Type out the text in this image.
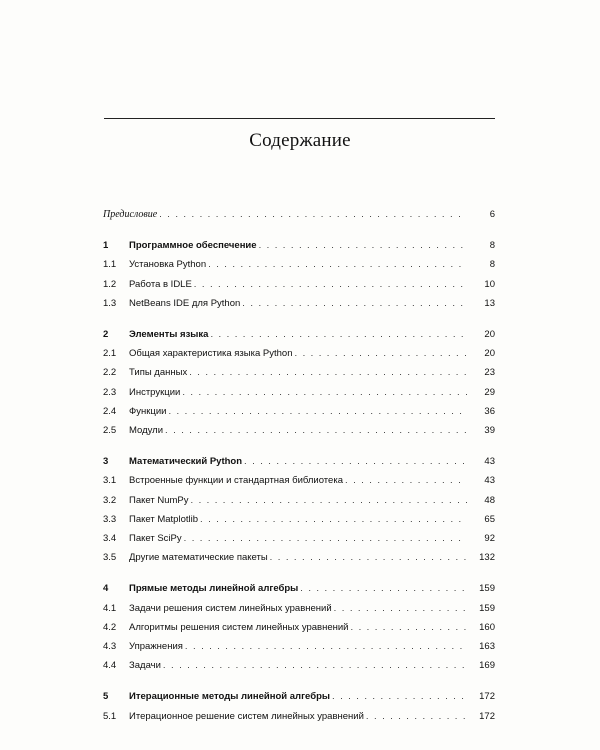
Содержание
Предисловие . . .	6
1	Программное обеспечение . . .	8
1.1	Установка Python . . .	8
1.2	Работа в IDLE . . .	10
1.3	NetBeans IDE для Python . . .	13
2	Элементы языка . . .	20
2.1	Общая характеристика языка Python . . .	20
2.2	Типы данных . . .	23
2.3	Инструкции . . .	29
2.4	Функции . . .	36
2.5	Модули . . .	39
3	Математический Python . . .	43
3.1	Встроенные функции и стандартная библиотека . . .	43
3.2	Пакет NumPy . . .	48
3.3	Пакет Matplotlib . . .	65
3.4	Пакет SciPy . . .	92
3.5	Другие математические пакеты . . .	132
4	Прямые методы линейной алгебры . . .	159
4.1	Задачи решения систем линейных уравнений . . .	159
4.2	Алгоритмы решения систем линейных уравнений . . .	160
4.3	Упражнения . . .	163
4.4	Задачи . . .	169
5	Итерационные методы линейной алгебры . . .	172
5.1	Итерационное решение систем линейных уравнений . . .	172
